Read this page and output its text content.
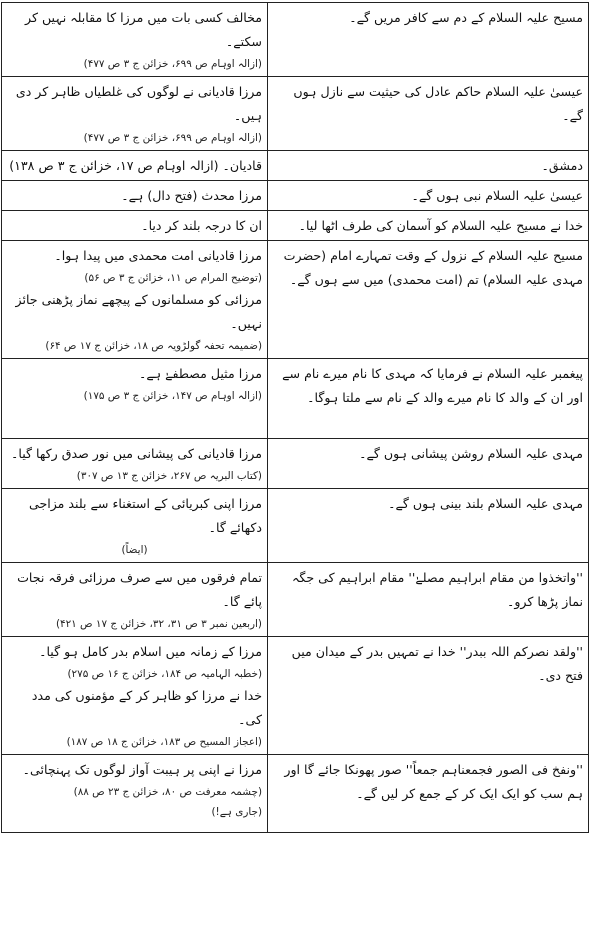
مسیح علیہ السلام کے دم سے کافر مریں گے۔	مخالف کسی بات میں مرزا کا مقابلہ نہیں کر سکتے۔
(ازالہ اوہام ص ۶۹۹، خزائن ج ۳ ص ۴۷۷)

عیسیٰ علیہ السلام حاکم عادل کی حیثیت سے نازل ہوں گے۔	مرزا قادیانی نے لوگوں کی غلطیاں ظاہر کر دی ہیں۔
(ازالہ اوہام ص ۶۹۹، خزائن ج ۳ ص ۴۷۷)

دمشق۔	قادیان۔ (ازالہ اوہام ص ۱۷، خزائن ج ۳ ص ۱۳۸)

عیسیٰ علیہ السلام نبی ہوں گے۔	مرزا محدث (فتح دال) ہے۔

خدا نے مسیح علیہ السلام کو آسمان کی طرف اٹھا لیا۔	ان کا درجہ بلند کر دیا۔

مسیح علیہ السلام کے نزول کے وقت تمہارے امام (حضرت مہدی علیہ السلام) تم (امت محمدی) میں سے ہوں گے۔	مرزا قادیانی امت محمدی میں پیدا ہوا۔
(توضیح المرام ص ۱۱، خزائن ج ۳ ص ۵۶)
مرزائی کو مسلمانوں کے پیچھے نماز پڑھنی جائز نہیں۔
(ضمیمہ تحفہ گولڑویہ ص ۱۸، خزائن ج ۱۷ ص ۶۴)

پیغمبر علیہ السلام نے فرمایا کہ مہدی کا نام میرے نام سے اور ان کے والد کا نام میرے والد کے نام سے ملتا ہوگا۔	مرزا مثیل مصطفےٰ ہے۔
(ازالہ اوہام ص ۱۴۷، خزائن ج ۳ ص ۱۷۵)

مہدی علیہ السلام روشن پیشانی ہوں گے۔	مرزا قادیانی کی پیشانی میں نور صدق رکھا گیا۔
(کتاب البریہ ص ۲۶۷، خزائن ج ۱۳ ص ۳۰۷)

مہدی علیہ السلام بلند بینی ہوں گے۔	مرزا اپنی کبریائی کے استغناء سے بلند مزاجی دکھائے گا۔
(ایضاً)

''واتخذوا من مقام ابراہیم مصلےٰ'' مقام ابراہیم کی جگہ نماز پڑھا کرو۔	تمام فرقوں میں سے صرف مرزائی فرقہ نجات پائے گا۔
(اربعین نمبر ۳ ص ۳۱، ۳۲، خزائن ج ۱۷ ص ۴۲۱)

''ولقد نصرکم اللہ ببدر'' خدا نے تمہیں بدر کے میدان میں فتح دی۔	مرزا کے زمانہ میں اسلام بدر کامل ہو گیا۔
(خطبہ الہامیہ ص ۱۸۴، خزائن ج ۱۶ ص ۲۷۵)
خدا نے مرزا کو ظاہر کر کے مؤمنوں کی مدد کی۔
(اعجاز المسیح ص ۱۸۳، خزائن ج ۱۸ ص ۱۸۷)

''ونفخ فی الصور فجمعناہم جمعاً'' صور پھونکا جائے گا اور ہم سب کو ایک ایک کر کے جمع کر لیں گے۔	مرزا نے اپنی پر ہیبت آواز لوگوں تک پہنچائی۔
(چشمہ معرفت ص ۸۰، خزائن ج ۲۳ ص ۸۸)
(جاری ہے!)
